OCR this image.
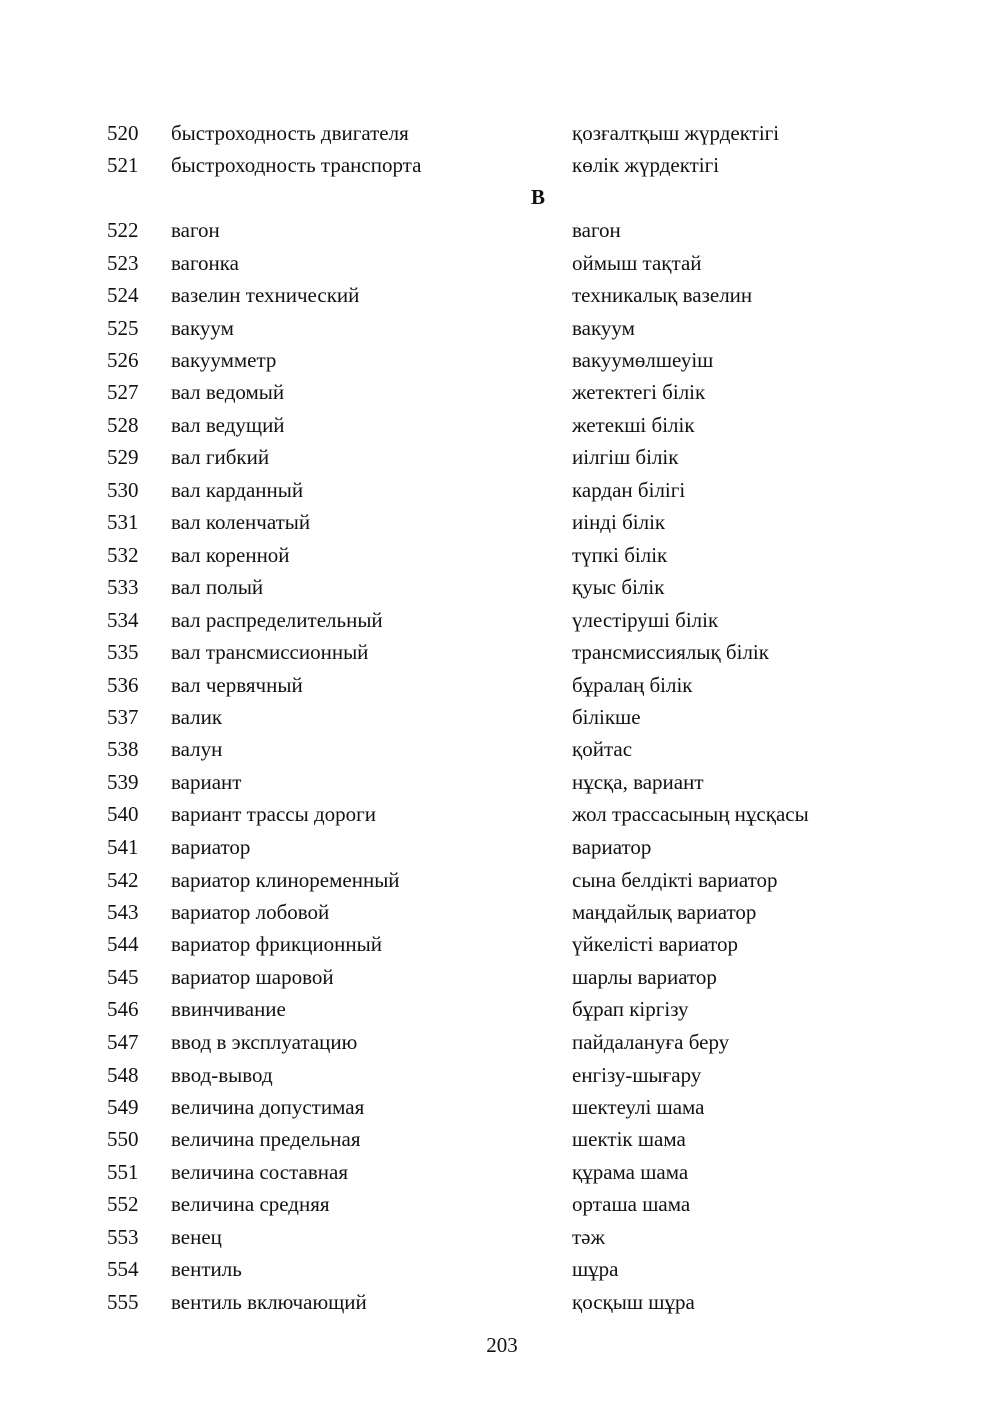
520 быстроходность двигателя	қозғалтқыш жүрдектігі
521 быстроходность транспорта	көлік жүрдектігі
В
522 вагон	вагон
523 вагонка	оймыш тақтай
524 вазелин технический	техникалық вазелин
525 вакуум	вакуум
526 вакуумметр	вакуумөлшеуіш
527 вал ведомый	жетектегі білік
528 вал ведущий	жетекші білік
529 вал гибкий	иілгіш білік
530 вал карданный	кардан білігі
531 вал коленчатый	иінді білік
532 вал коренной	түпкі білік
533 вал полый	қуыс білік
534 вал распределительный	үлестіруші білік
535 вал трансмиссионный	трансмиссиялық білік
536 вал червячный	бұралаң білік
537 валик	білікше
538 валун	қойтас
539 вариант	нұсқа, вариант
540 вариант трассы дороги	жол трассасының нұсқасы
541 вариатор	вариатор
542 вариатор клиноременный	сына белдікті вариатор
543 вариатор лобовой	маңдайлық вариатор
544 вариатор фрикционный	үйкелісті вариатор
545 вариатор шаровой	шарлы вариатор
546 ввинчивание	бұрап кіргізу
547 ввод в эксплуатацию	пайдалануға беру
548 ввод-вывод	енгізу-шығару
549 величина допустимая	шектеулі шама
550 величина предельная	шектік шама
551 величина составная	құрама шама
552 величина средняя	орташа шама
553 венец	тәж
554 вентиль	шұра
555 вентиль включающий	қосқыш шұра
203
